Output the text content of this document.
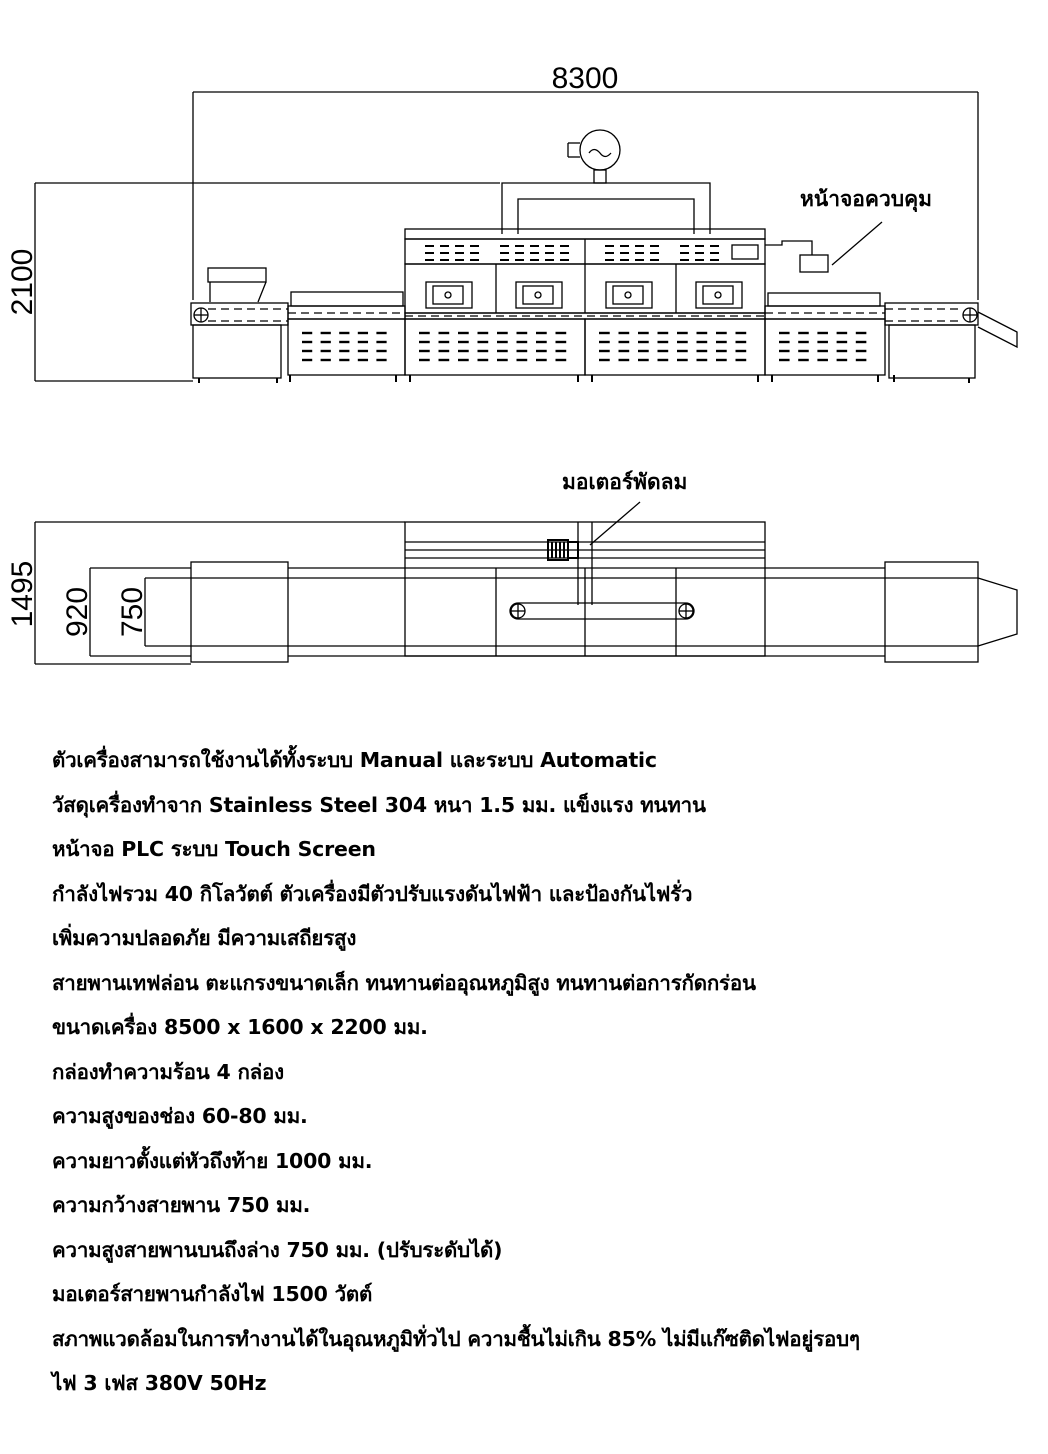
8300
2100
หน้าจอควบคุม
1495 920 750
มอเตอร์พัดลม
ตัวเครื่องสามารถใช้งานได้ทั้งระบบ Manual และระบบ Automatic
วัสดุเครื่องทำจาก Stainless Steel 304 หนา 1.5 มม. แข็งแรง ทนทาน
หน้าจอ PLC ระบบ Touch Screen
กำลังไฟรวม 40 กิโลวัตต์ ตัวเครื่องมีตัวปรับแรงดันไฟฟ้า และป้องกันไฟรั่ว
เพิ่มความปลอดภัย มีความเสถียรสูง
สายพานเทฟล่อน ตะแกรงขนาดเล็ก ทนทานต่ออุณหภูมิสูง ทนทานต่อการกัดกร่อน
ขนาดเครื่อง 8500 x 1600 x 2200 มม.
กล่องทำความร้อน 4 กล่อง
ความสูงของช่อง 60-80 มม.
ความยาวตั้งแต่หัวถึงท้าย 1000 มม.
ความกว้างสายพาน 750 มม.
ความสูงสายพานบนถึงล่าง 750 มม. (ปรับระดับได้)
มอเตอร์สายพานกำลังไฟ 1500 วัตต์
สภาพแวดล้อมในการทำงานได้ในอุณหภูมิทั่วไป ความชื้นไม่เกิน 85% ไม่มีแก๊ซติดไฟอยู่รอบๆ
ไฟ 3 เฟส 380V 50Hz
